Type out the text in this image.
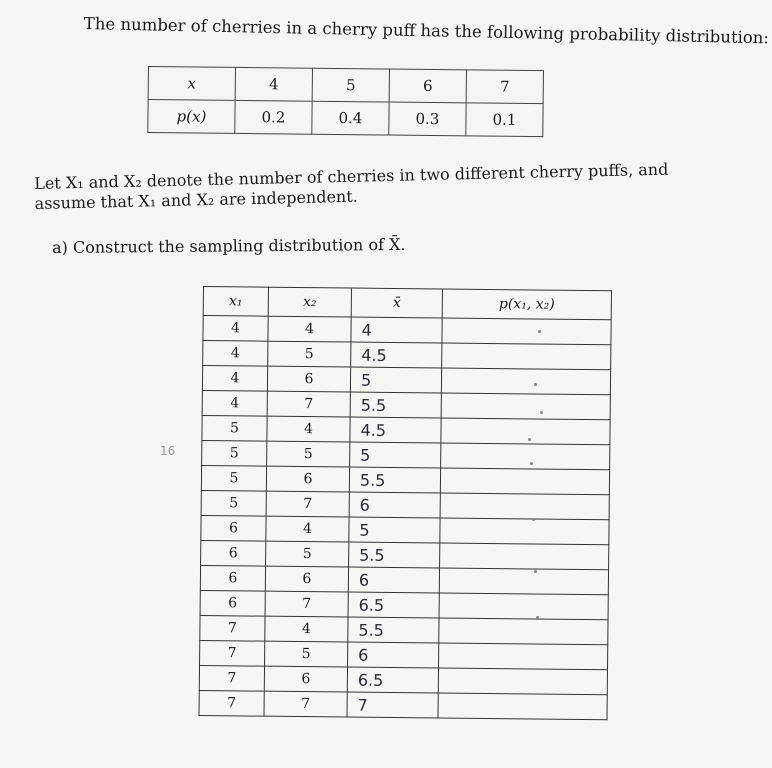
The number of cherries in a cherry puff has the following probability distribution:
x	4	5	6	7
p(x)	0.2	0.4	0.3	0.1
Let X₁ and X₂ denote the number of cherries in two different cherry puffs, and assume that X₁ and X₂ are independent.
a) Construct the sampling distribution of X̄.
16
x₁	x₂	x̄	p(x₁, x₂)
4	4	4	
4	5	4.5	
4	6	5	
4	7	5.5	
5	4	4.5	
5	5	5	
5	6	5.5	
5	7	6	
6	4	5	
6	5	5.5	
6	6	6	
6	7	6.5	
7	4	5.5	
7	5	6	
7	6	6.5	
7	7	7	
